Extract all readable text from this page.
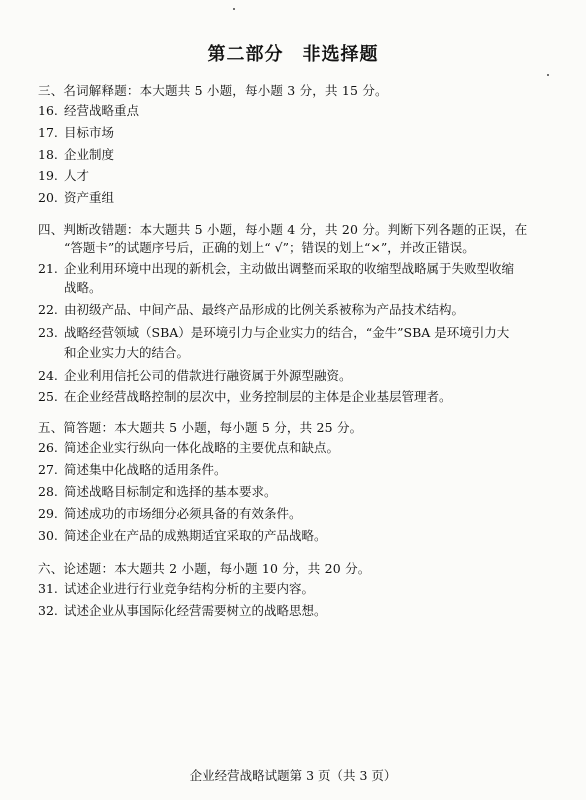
第二部分　非选择题
三、名词解释题：本大题共 5 小题，每小题 3 分，共 15 分。
16. 经营战略重点
17. 目标市场
18. 企业制度
19. 人才
20. 资产重组
四、判断改错题：本大题共 5 小题，每小题 4 分，共 20 分。判断下列各题的正误，在
“答题卡”的试题序号后，正确的划上“ √”；错误的划上“×”，并改正错误。
21. 企业利用环境中出现的新机会，主动做出调整而采取的收缩型战略属于失败型收缩
战略。
22. 由初级产品、中间产品、最终产品形成的比例关系被称为产品技术结构。
23. 战略经营领域（SBA）是环境引力与企业实力的结合，“金牛”SBA 是环境引力大
和企业实力大的结合。
24. 企业利用信托公司的借款进行融资属于外源型融资。
25. 在企业经营战略控制的层次中，业务控制层的主体是企业基层管理者。
五、简答题：本大题共 5 小题，每小题 5 分，共 25 分。
26. 简述企业实行纵向一体化战略的主要优点和缺点。
27. 简述集中化战略的适用条件。
28. 简述战略目标制定和选择的基本要求。
29. 简述成功的市场细分必须具备的有效条件。
30. 简述企业在产品的成熟期适宜采取的产品战略。
六、论述题：本大题共 2 小题，每小题 10 分，共 20 分。
31. 试述企业进行行业竞争结构分析的主要内容。
32. 试述企业从事国际化经营需要树立的战略思想。
企业经营战略试题第 3 页（共 3 页）
